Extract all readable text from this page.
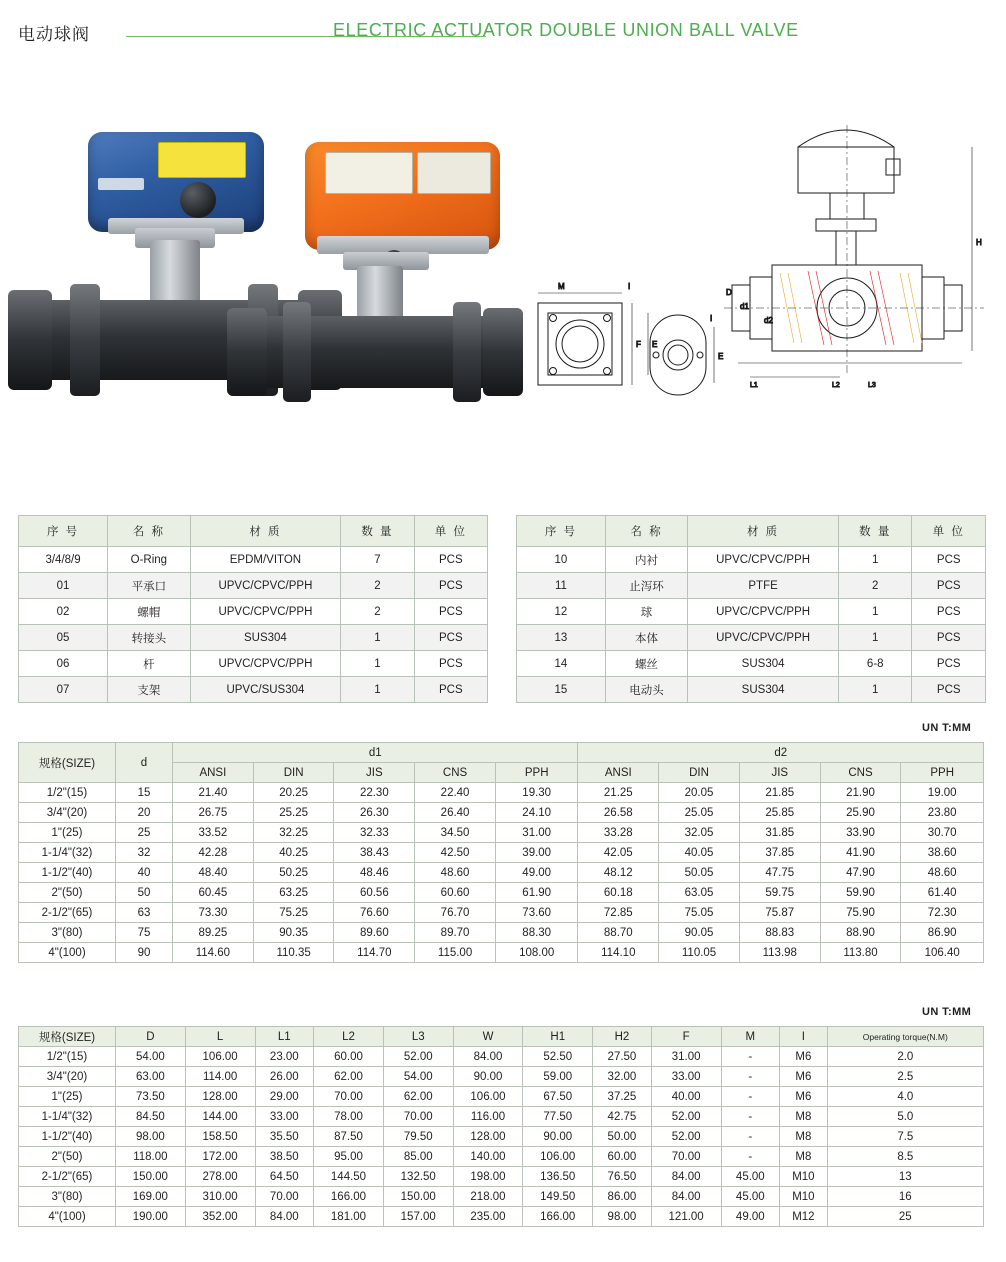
电动球阀	ELECTRIC ACTUATOR DOUBLE UNION BALL VALVE
M	I
F E
I
E
H
D
d1
d2
L1	L2	L3
序 号	名 称	材 质	数 量	单 位
3/4/8/9	O-Ring	EPDM/VITON	7	PCS
01	平承口	UPVC/CPVC/PPH	2	PCS
02	螺帽	UPVC/CPVC/PPH	2	PCS
05	转接头	SUS304	1	PCS
06	杆	UPVC/CPVC/PPH	1	PCS
07	支架	UPVC/SUS304	1	PCS
序 号	名 称	材 质	数 量	单 位
10	内衬	UPVC/CPVC/PPH	1	PCS
11	止泻环	PTFE	2	PCS
12	球	UPVC/CPVC/PPH	1	PCS
13	本体	UPVC/CPVC/PPH	1	PCS
14	螺丝	SUS304	6-8	PCS
15	电动头	SUS304	1	PCS
UN T:MM
规格(SIZE)	d	d1					d2				
		ANSI	DIN	JIS	CNS	PPH	ANSI	DIN	JIS	CNS	PPH
1/2"(15)	15	21.40	20.25	22.30	22.40	19.30	21.25	20.05	21.85	21.90	19.00
3/4"(20)	20	26.75	25.25	26.30	26.40	24.10	26.58	25.05	25.85	25.90	23.80
1"(25)	25	33.52	32.25	32.33	34.50	31.00	33.28	32.05	31.85	33.90	30.70
1-1/4"(32)	32	42.28	40.25	38.43	42.50	39.00	42.05	40.05	37.85	41.90	38.60
1-1/2"(40)	40	48.40	50.25	48.46	48.60	49.00	48.12	50.05	47.75	47.90	48.60
2"(50)	50	60.45	63.25	60.56	60.60	61.90	60.18	63.05	59.75	59.90	61.40
2-1/2"(65)	63	73.30	75.25	76.60	76.70	73.60	72.85	75.05	75.87	75.90	72.30
3"(80)	75	89.25	90.35	89.60	89.70	88.30	88.70	90.05	88.83	88.90	86.90
4"(100)	90	114.60	110.35	114.70	115.00	108.00	114.10	110.05	113.98	113.80	106.40
UN T:MM
规格(SIZE)	D	L	L1	L2	L3	W	H1	H2	F	M	I	Operating torque(N.M)
1/2"(15)	54.00	106.00	23.00	60.00	52.00	84.00	52.50	27.50	31.00	-	M6	2.0
3/4"(20)	63.00	114.00	26.00	62.00	54.00	90.00	59.00	32.00	33.00	-	M6	2.5
1"(25)	73.50	128.00	29.00	70.00	62.00	106.00	67.50	37.25	40.00	-	M6	4.0
1-1/4"(32)	84.50	144.00	33.00	78.00	70.00	116.00	77.50	42.75	52.00	-	M8	5.0
1-1/2"(40)	98.00	158.50	35.50	87.50	79.50	128.00	90.00	50.00	52.00	-	M8	7.5
2"(50)	118.00	172.00	38.50	95.00	85.00	140.00	106.00	60.00	70.00	-	M8	8.5
2-1/2"(65)	150.00	278.00	64.50	144.50	132.50	198.00	136.50	76.50	84.00	45.00	M10	13
3"(80)	169.00	310.00	70.00	166.00	150.00	218.00	149.50	86.00	84.00	45.00	M10	16
4"(100)	190.00	352.00	84.00	181.00	157.00	235.00	166.00	98.00	121.00	49.00	M12	25
